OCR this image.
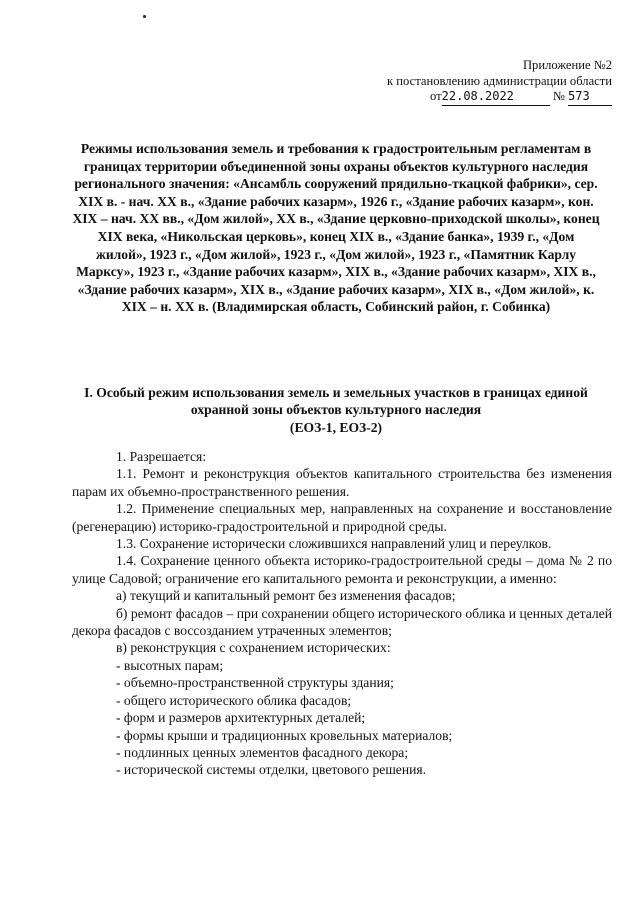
Приложение №2
к постановлению администрации области
от22.08.2022	№ 573
Режимы использования земель и требования к градостроительным регламентам в границах территории объединенной зоны охраны объектов культурного наследия регионального значения: «Ансамбль сооружений прядильно-ткацкой фабрики», сер. XIX в. - нач. XX в., «Здание рабочих казарм», 1926 г., «Здание рабочих казарм», кон. XIX – нач. XX вв., «Дом жилой», XX в., «Здание церковно-приходской школы», конец XIX века, «Никольская церковь», конец XIX в., «Здание банка», 1939 г., «Дом жилой», 1923 г., «Дом жилой», 1923 г., «Дом жилой», 1923 г., «Памятник Карлу Марксу», 1923 г., «Здание рабочих казарм», XIX в., «Здание рабочих казарм», XIX в., «Здание рабочих казарм», XIX в., «Здание рабочих казарм», XIX в., «Дом жилой», к. XIX – н. XX в. (Владимирская область, Собинский район, г. Собинка)
I. Особый режим использования земель и земельных участков в границах единой охранной зоны объектов культурного наследия
(ЕОЗ-1, ЕОЗ-2)

1. Разрешается:

1.1. Ремонт и реконструкция объектов капитального строительства без изменения парам их объемно-пространственного решения.

1.2. Применение специальных мер, направленных на сохранение и восстановление (регенерацию) историко-градостроительной и природной среды.

1.3. Сохранение исторически сложившихся направлений улиц и переулков.

1.4. Сохранение ценного объекта историко-градостроительной среды – дома № 2 по улице Садовой; ограничение его капитального ремонта и реконструкции, а именно:

а) текущий и капитальный ремонт без изменения фасадов;

б) ремонт фасадов – при сохранении общего исторического облика и ценных деталей декора фасадов с воссозданием утраченных элементов;

в) реконструкция с сохранением исторических:

- высотных парам;

- объемно-пространственной структуры здания;

- общего исторического облика фасадов;

- форм и размеров архитектурных деталей;

- формы крыши и традиционных кровельных материалов;

- подлинных ценных элементов фасадного декора;

- исторической системы отделки, цветового решения.
